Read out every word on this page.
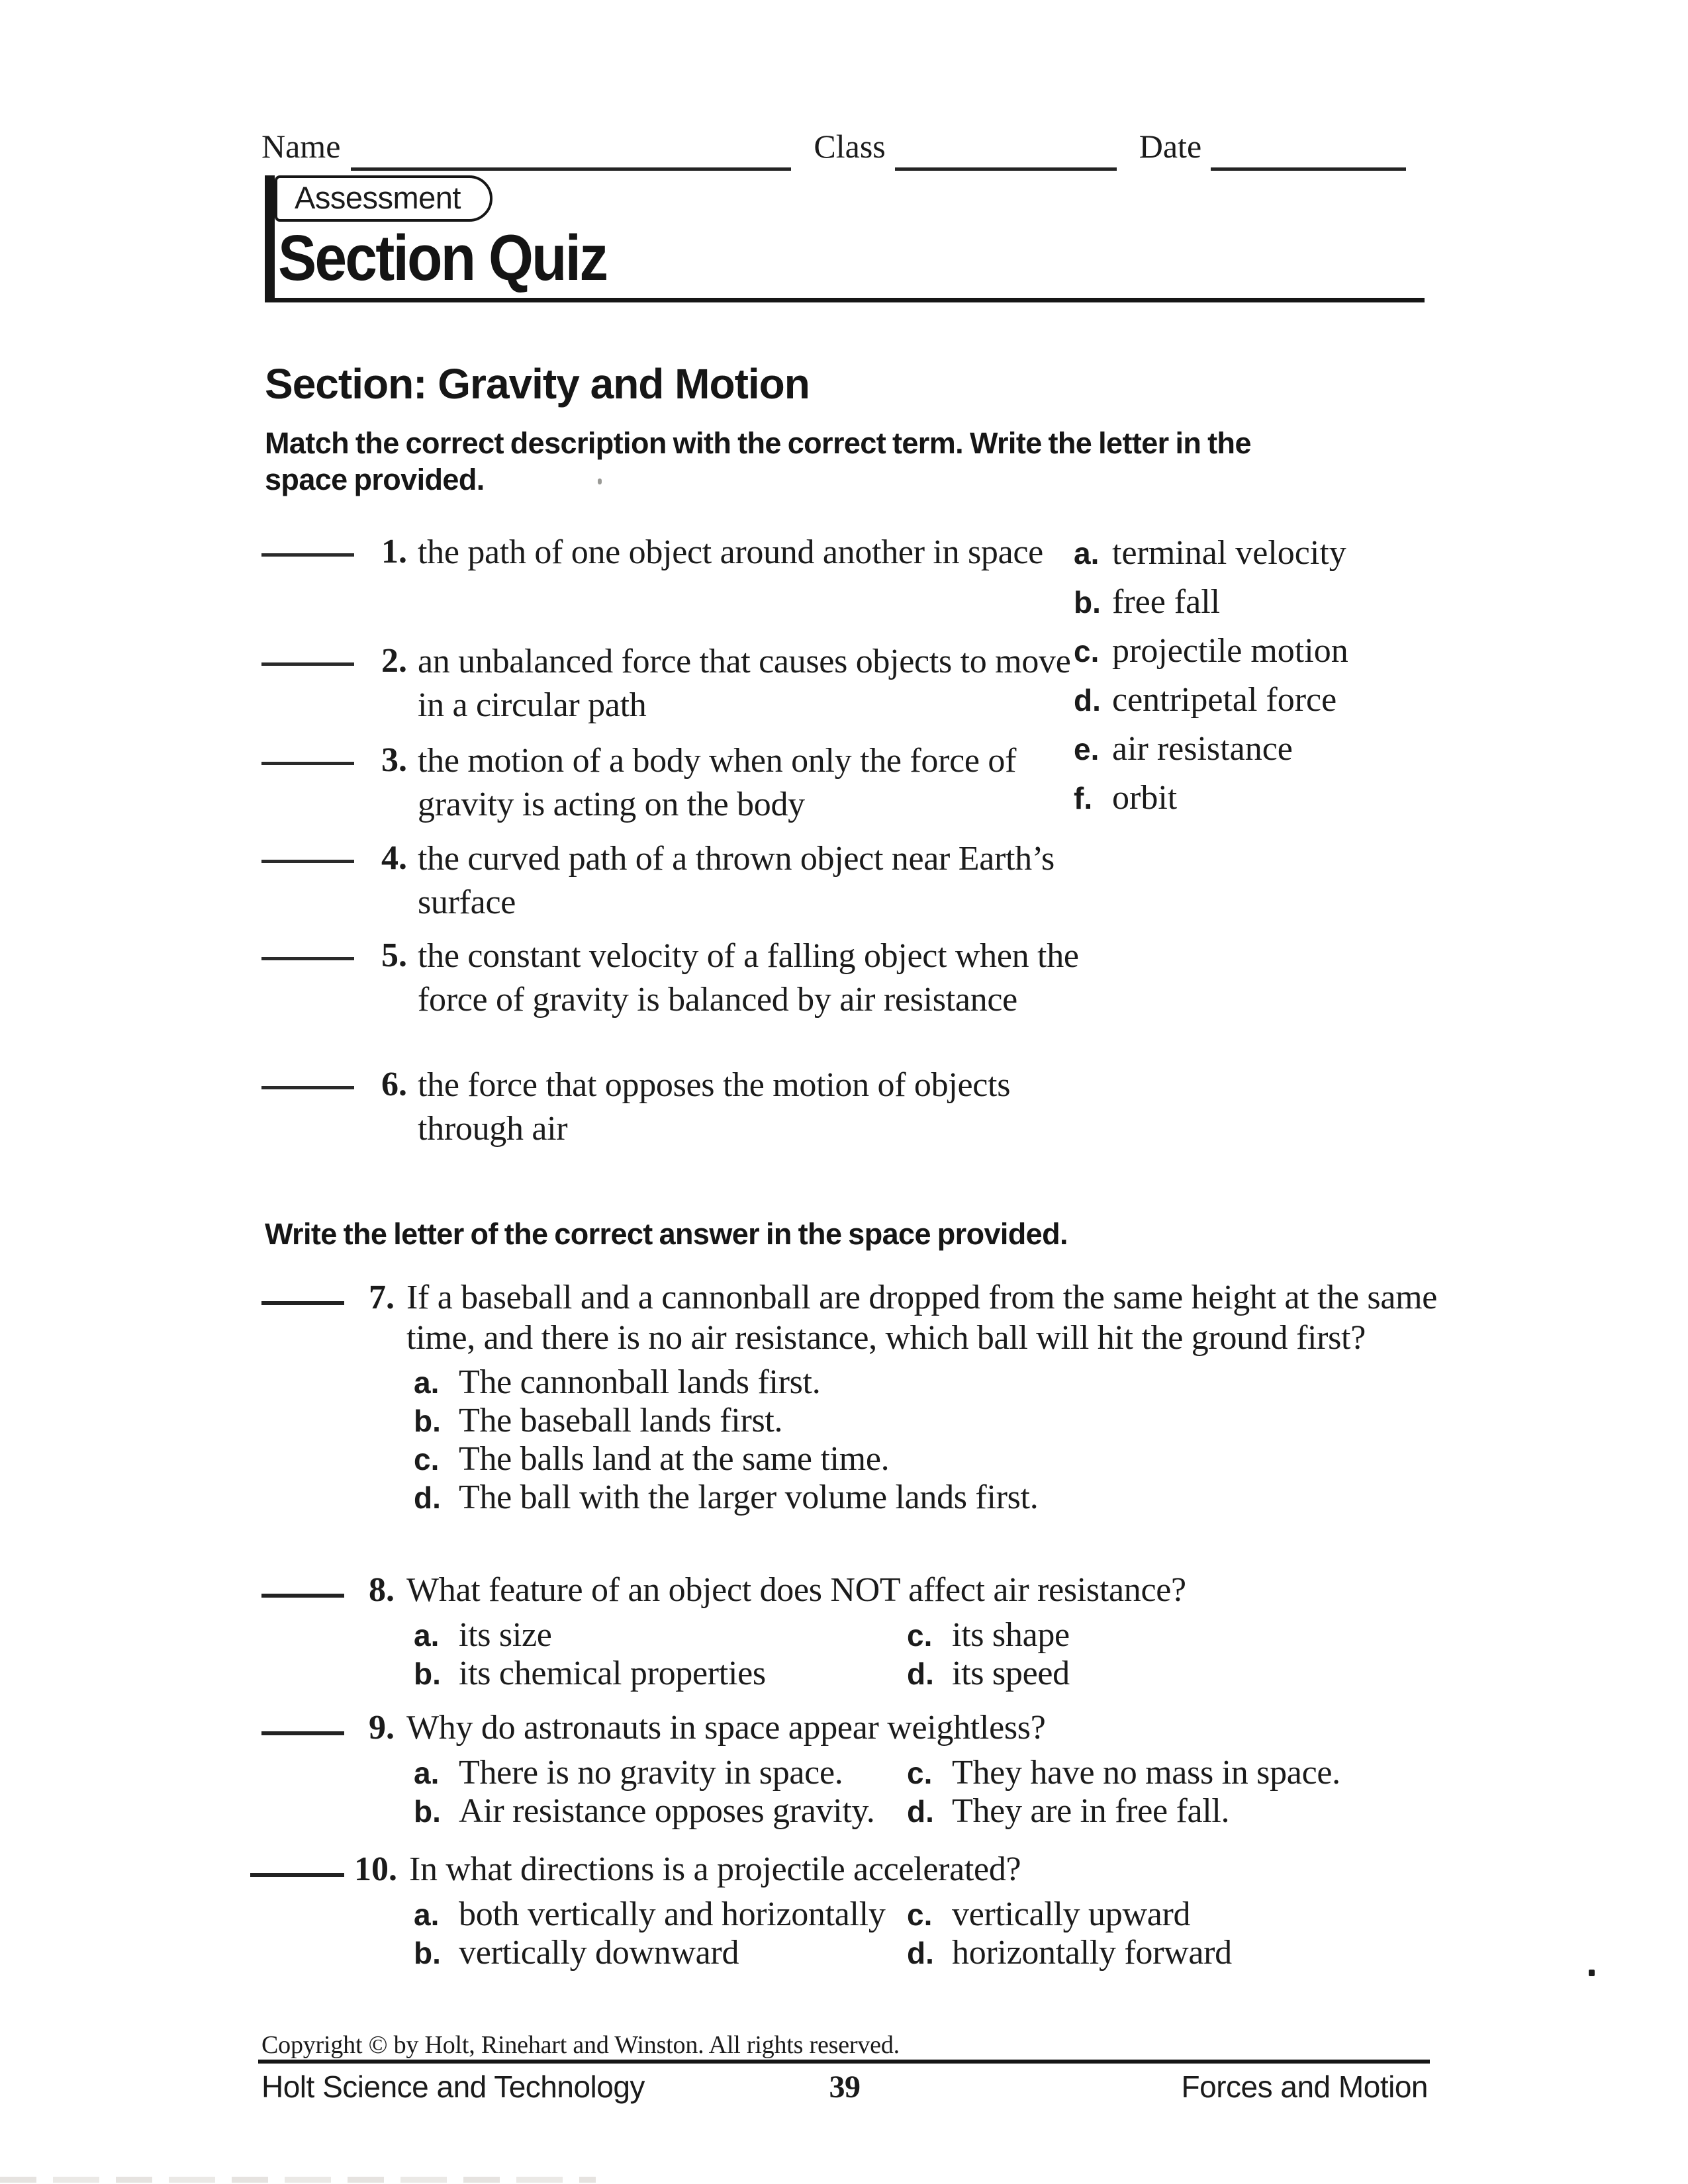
Name	Class	Date
Assessment
Section Quiz
Section: Gravity and Motion
Match the correct description with the correct term. Write the letter in the space provided.
1. the path of one object around another in space
2. an unbalanced force that causes objects to move in a circular path
3. the motion of a body when only the force of gravity is acting on the body
4. the curved path of a thrown object near Earth’s surface
5. the constant velocity of a falling object when the force of gravity is balanced by air resistance
6. the force that opposes the motion of objects through air
a. terminal velocity
b. free fall
c. projectile motion
d. centripetal force
e. air resistance
f. orbit
Write the letter of the correct answer in the space provided.
7. If a baseball and a cannonball are dropped from the same height at the same time, and there is no air resistance, which ball will hit the ground first?
a. The cannonball lands first.
b. The baseball lands first.
c. The balls land at the same time.
d. The ball with the larger volume lands first.
8. What feature of an object does NOT affect air resistance?
a. its size	c. its shape
b. its chemical properties	d. its speed
9. Why do astronauts in space appear weightless?
a. There is no gravity in space. c. They have no mass in space.
b. Air resistance opposes gravity. d. They are in free fall.
10. In what directions is a projectile accelerated?
a. both vertically and horizontally c. vertically upward
b. vertically downward	d. horizontally forward
Copyright © by Holt, Rinehart and Winston. All rights reserved.
Holt Science and Technology	39	Forces and Motion
